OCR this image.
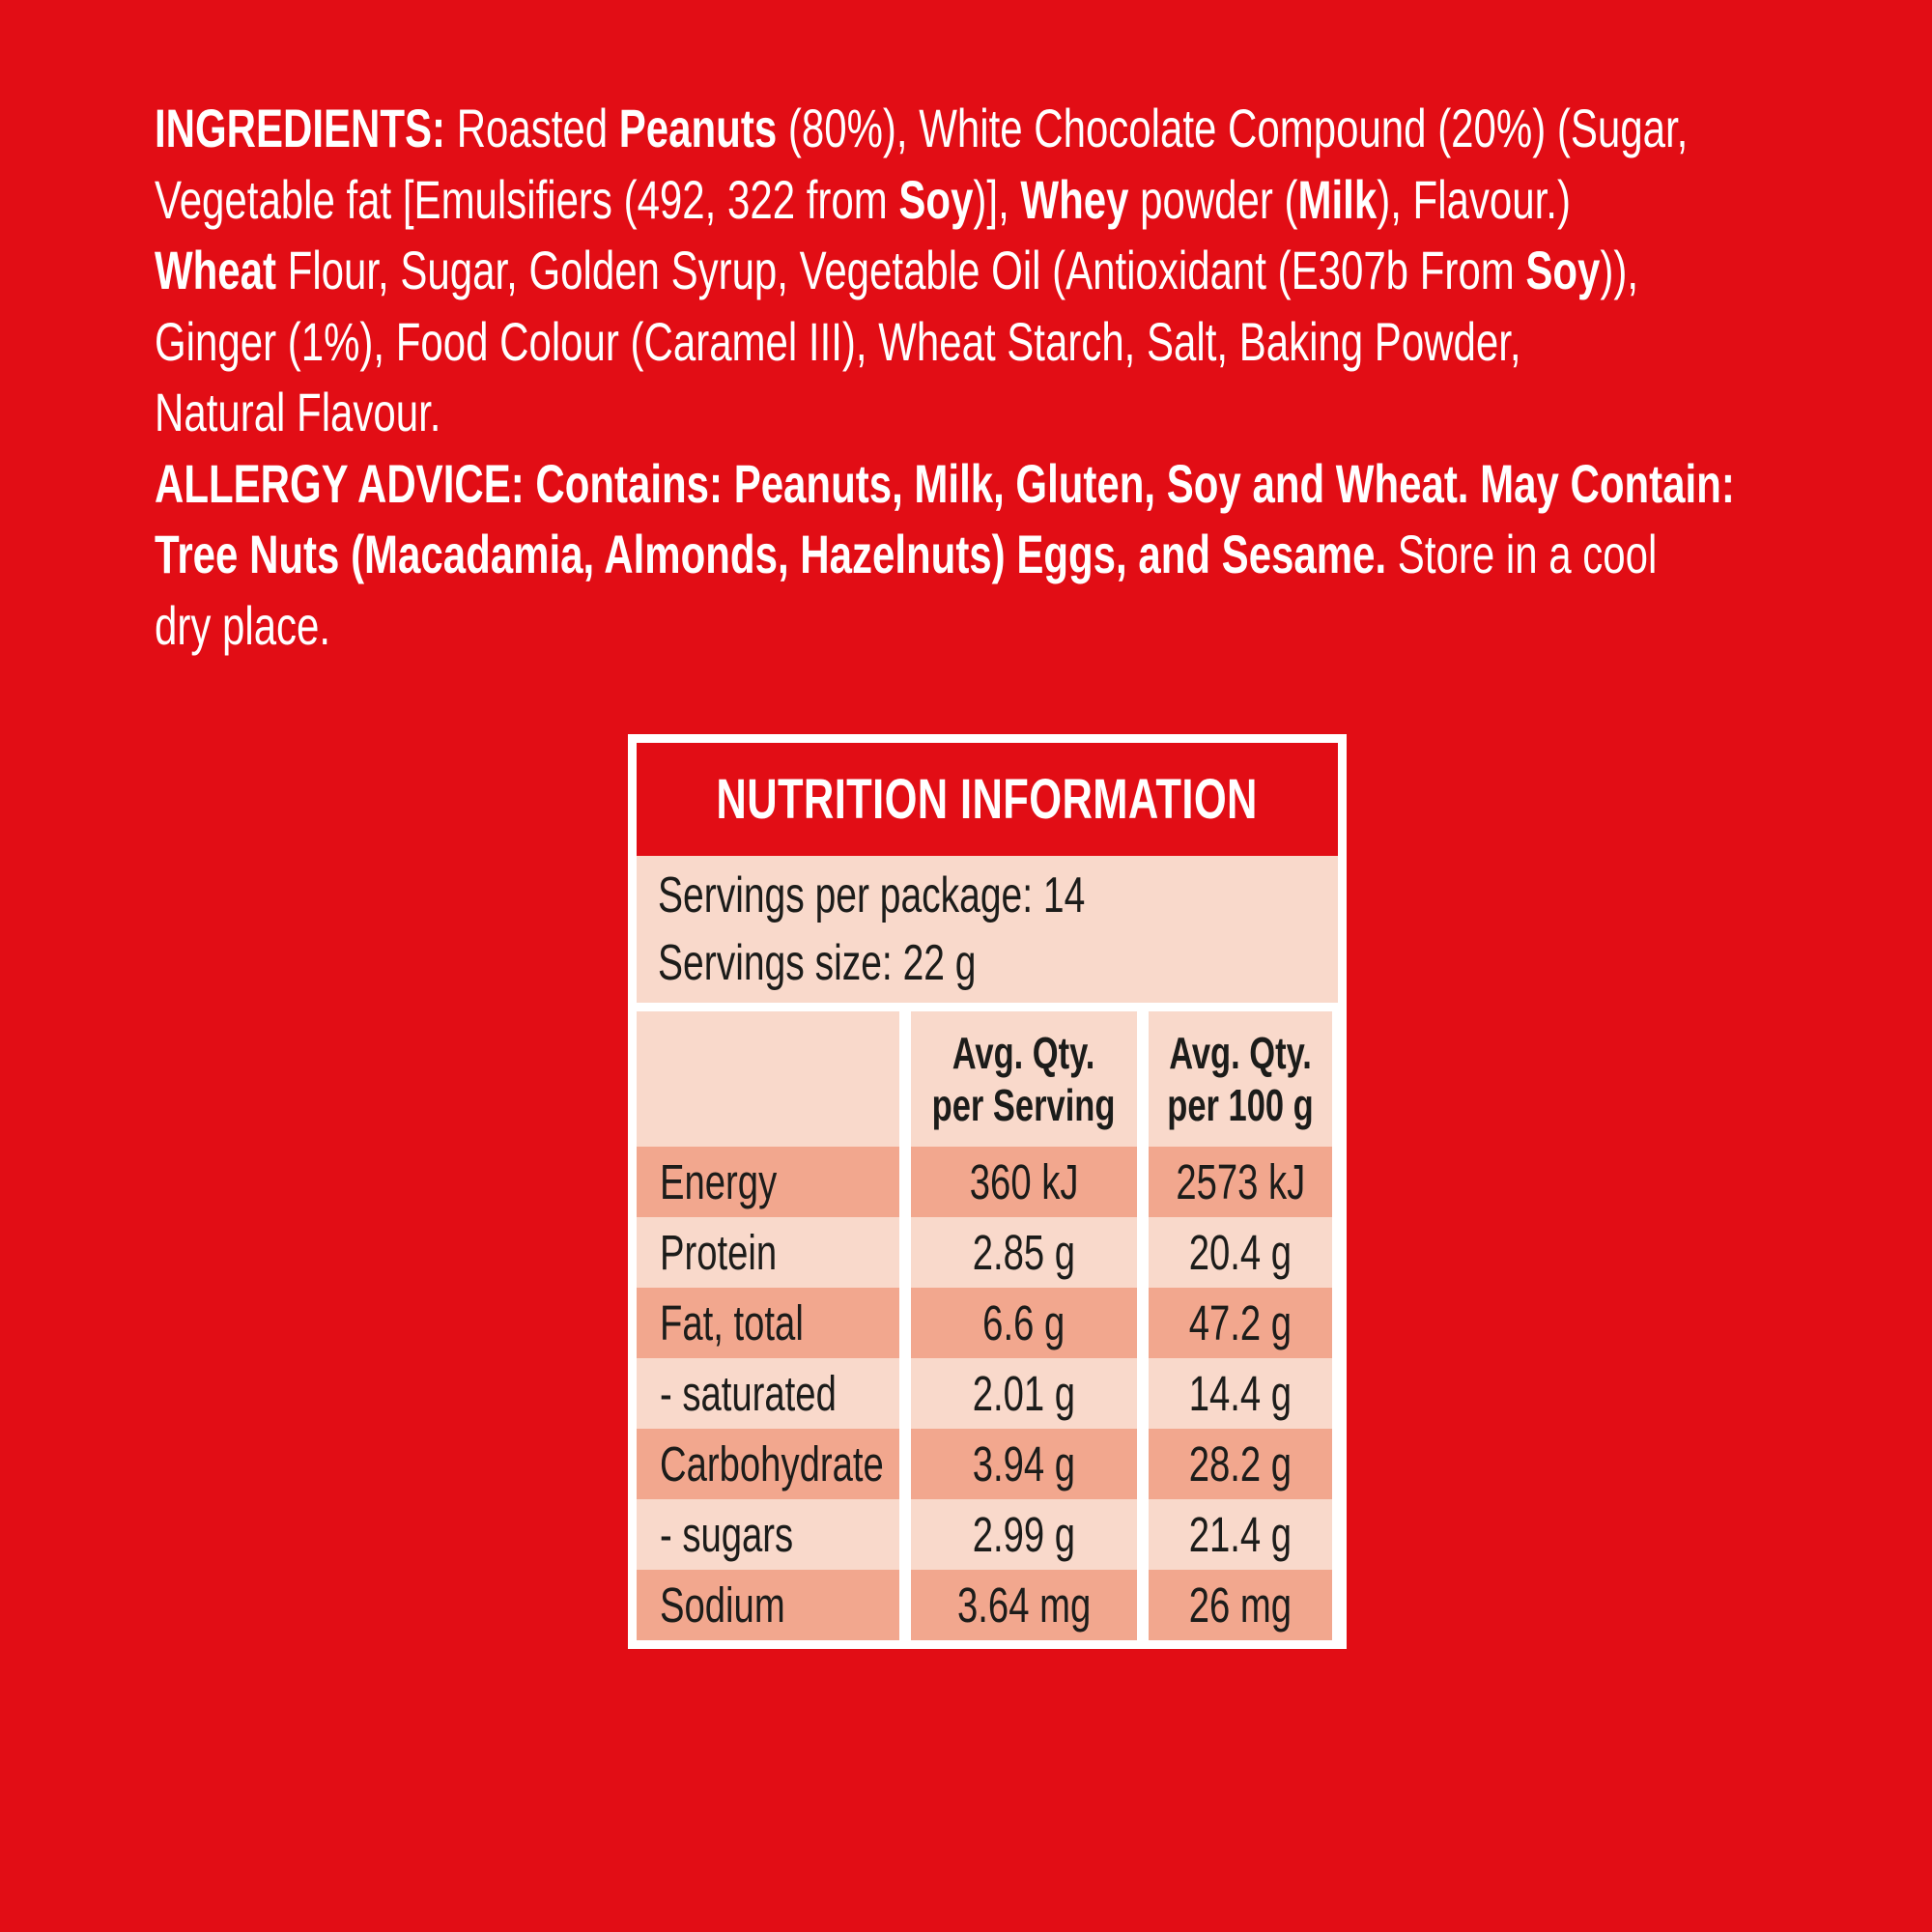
INGREDIENTS: Roasted Peanuts (80%), White Chocolate Compound (20%) (Sugar,
Vegetable fat [Emulsifiers (492, 322 from Soy)], Whey powder (Milk), Flavour.)
Wheat Flour, Sugar, Golden Syrup, Vegetable Oil (Antioxidant (E307b From Soy)),
Ginger (1%), Food Colour (Caramel III), Wheat Starch, Salt, Baking Powder,
Natural Flavour.
ALLERGY ADVICE: Contains: Peanuts, Milk, Gluten, Soy and Wheat. May Contain:
Tree Nuts (Macadamia, Almonds, Hazelnuts) Eggs, and Sesame. Store in a cool
dry place.
NUTRITION INFORMATION
Servings per package: 14
Servings size: 22 g
Avg. Qty.
per Serving
Avg. Qty.
per 100 g
Energy	360 kJ 2573 kJ
Protein	2.85 g 20.4 g
Fat, total	6.6 g	47.2 g
- saturated	2.01 g 14.4 g
Carbohydrate 3.94 g 28.2 g
- sugars	2.99 g 21.4 g
Sodium	3.64 mg 26 mg
